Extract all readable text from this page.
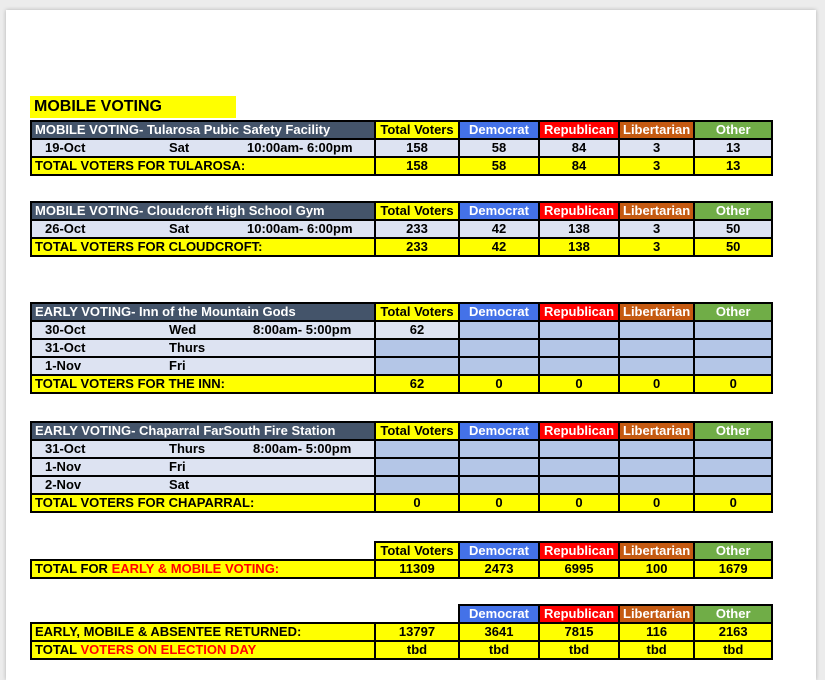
MOBILE VOTING
MOBILE VOTING- Tularosa Pubic Safety Facility	Total Voters	Democrat	Republican	Libertarian	Other
19-Oct Sat 10:00am- 6:00pm	158	58	84	3	13
TOTAL VOTERS FOR TULAROSA:	158	58	84	3	13
MOBILE VOTING- Cloudcroft High School Gym	Total Voters	Democrat	Republican	Libertarian	Other
26-Oct Sat 10:00am- 6:00pm	233	42	138	3	50
TOTAL VOTERS FOR CLOUDCROFT:	233	42	138	3	50
EARLY VOTING- Inn of the Mountain Gods	Total Voters	Democrat	Republican	Libertarian	Other
30-Oct Wed 8:00am- 5:00pm	62				
31-Oct Thurs					
1-Nov Fri					
TOTAL VOTERS FOR THE INN:	62	0	0	0	0
EARLY VOTING- Chaparral FarSouth Fire Station	Total Voters	Democrat	Republican	Libertarian	Other
31-Oct Thurs 8:00am- 5:00pm					
1-Nov Fri					
2-Nov Sat					
TOTAL VOTERS FOR CHAPARRAL:	0	0	0	0	0
	Total Voters	Democrat	Republican	Libertarian	Other
TOTAL FOR EARLY & MOBILE VOTING:	11309	2473	6995	100	1679
		Democrat	Republican	Libertarian	Other
EARLY, MOBILE & ABSENTEE RETURNED:	13797	3641	7815	116	2163
TOTAL VOTERS ON ELECTION DAY	tbd	tbd	tbd	tbd	tbd
